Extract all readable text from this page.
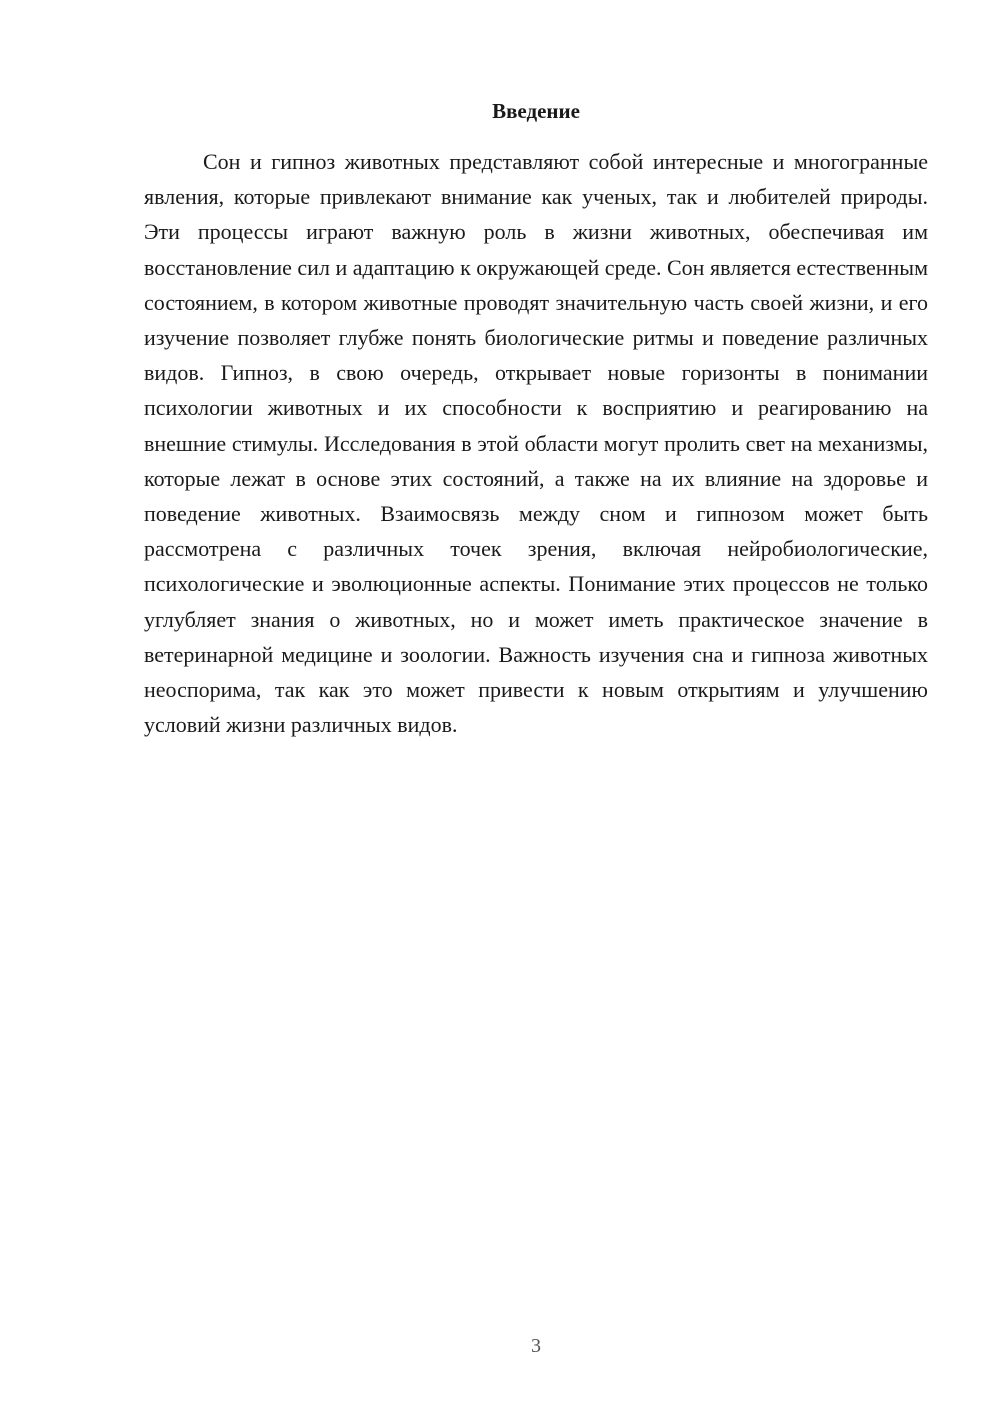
Введение

Сон и гипноз животных представляют собой интересные и многогранные явления, которые привлекают внимание как ученых, так и любителей природы. Эти процессы играют важную роль в жизни животных, обеспечивая им восстановление сил и адаптацию к окружающей среде. Сон является естественным состоянием, в котором животные проводят значительную часть своей жизни, и его изучение позволяет глубже понять биологические ритмы и поведение различных видов. Гипноз, в свою очередь, открывает новые горизонты в понимании психологии животных и их способности к восприятию и реагированию на внешние стимулы. Исследования в этой области могут пролить свет на механизмы, которые лежат в основе этих состояний, а также на их влияние на здоровье и поведение животных. Взаимосвязь между сном и гипнозом может быть рассмотрена с различных точек зрения, включая нейробиологические, психологические и эволюционные аспекты. Понимание этих процессов не только углубляет знания о животных, но и может иметь практическое значение в ветеринарной медицине и зоологии. Важность изучения сна и гипноза животных неоспорима, так как это может привести к новым открытиям и улучшению условий жизни различных видов.

3
